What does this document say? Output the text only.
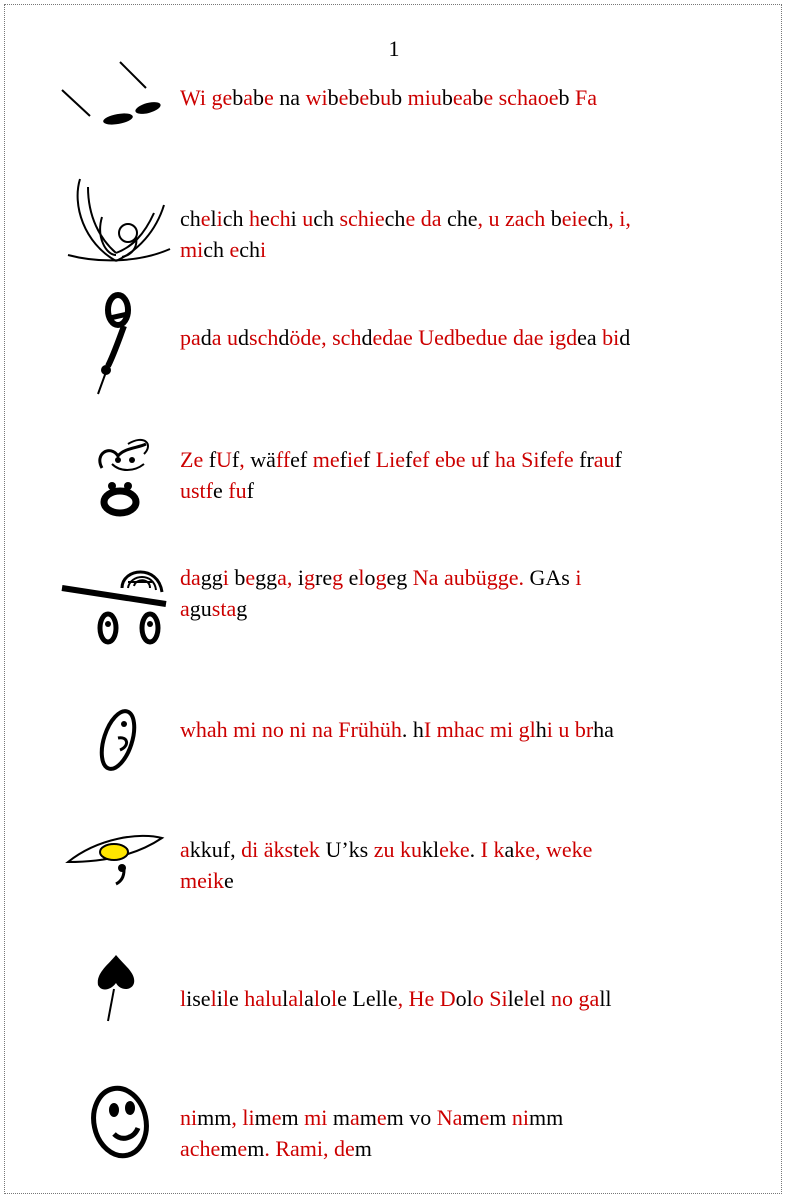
1
Wi gebabe na wibebebub miubeabe schaoeb Fa
chelich hechi uch schieche da che, u zach beiech, i,
mich echi
pada udschdöde, schdedae Uedbedue dae igdea bid
Ze fUf, wäffef mefief Liefef ebe uf ha Sifefe frauf
ustfe fuf
daggi begga, igreg elogeg Na aubügge. GAs i
agustag
whah mi no ni na Frühüh. hI mhac mi glhi u brha
akkuf, di äkstek U’ks zu kukleke. I kake, weke
meike
liselile halulalalole Lelle, He Dolo Silelel no gall
nimm, limem mi mamem vo Namem nimm
achemem. Rami, dem
